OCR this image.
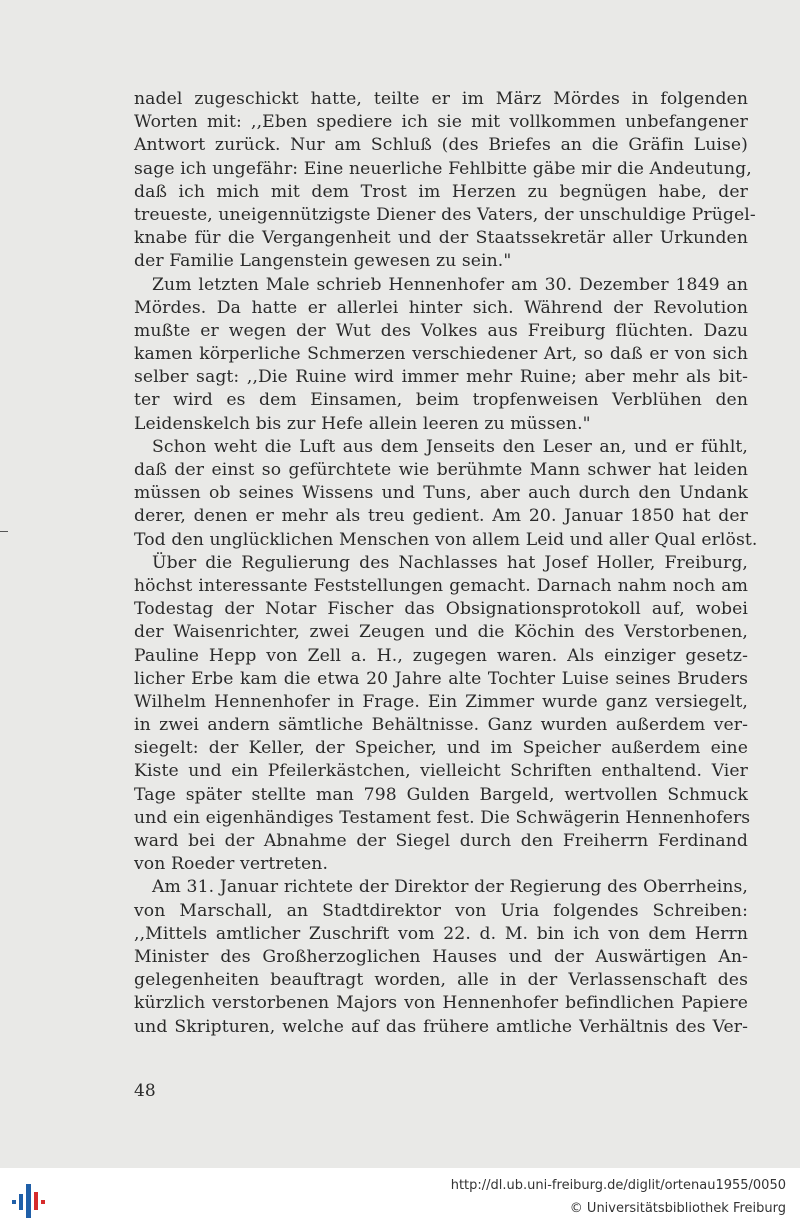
nadel zugeschickt hatte, teilte er im März Mördes in folgenden
Worten mit: ,,Eben spediere ich sie mit vollkommen unbefangener
Antwort zurück. Nur am Schluß (des Briefes an die Gräfin Luise)
sage ich ungefähr: Eine neuerliche Fehlbitte gäbe mir die Andeutung,
daß ich mich mit dem Trost im Herzen zu begnügen habe, der
treueste, uneigennützigste Diener des Vaters, der unschuldige Prügel-
knabe für die Vergangenheit und der Staatssekretär aller Urkunden
der Familie Langenstein gewesen zu sein."
Zum letzten Male schrieb Hennenhofer am 30. Dezember 1849 an
Mördes. Da hatte er allerlei hinter sich. Während der Revolution
mußte er wegen der Wut des Volkes aus Freiburg flüchten. Dazu
kamen körperliche Schmerzen verschiedener Art, so daß er von sich
selber sagt: ,,Die Ruine wird immer mehr Ruine; aber mehr als bit-
ter wird es dem Einsamen, beim tropfenweisen Verblühen den
Leidenskelch bis zur Hefe allein leeren zu müssen."
Schon weht die Luft aus dem Jenseits den Leser an, und er fühlt,
daß der einst so gefürchtete wie berühmte Mann schwer hat leiden
müssen ob seines Wissens und Tuns, aber auch durch den Undank
derer, denen er mehr als treu gedient. Am 20. Januar 1850 hat der
Tod den unglücklichen Menschen von allem Leid und aller Qual erlöst.
Über die Regulierung des Nachlasses hat Josef Holler, Freiburg,
höchst interessante Feststellungen gemacht. Darnach nahm noch am
Todestag der Notar Fischer das Obsignationsprotokoll auf, wobei
der Waisenrichter, zwei Zeugen und die Köchin des Verstorbenen,
Pauline Hepp von Zell a. H., zugegen waren. Als einziger gesetz-
licher Erbe kam die etwa 20 Jahre alte Tochter Luise seines Bruders
Wilhelm Hennenhofer in Frage. Ein Zimmer wurde ganz versiegelt,
in zwei andern sämtliche Behältnisse. Ganz wurden außerdem ver-
siegelt: der Keller, der Speicher, und im Speicher außerdem eine
Kiste und ein Pfeilerkästchen, vielleicht Schriften enthaltend. Vier
Tage später stellte man 798 Gulden Bargeld, wertvollen Schmuck
und ein eigenhändiges Testament fest. Die Schwägerin Hennenhofers
ward bei der Abnahme der Siegel durch den Freiherrn Ferdinand
von Roeder vertreten.
Am 31. Januar richtete der Direktor der Regierung des Oberrheins,
von Marschall, an Stadtdirektor von Uria folgendes Schreiben:
,,Mittels amtlicher Zuschrift vom 22. d. M. bin ich von dem Herrn
Minister des Großherzoglichen Hauses und der Auswärtigen An-
gelegenheiten beauftragt worden, alle in der Verlassenschaft des
kürzlich verstorbenen Majors von Hennenhofer befindlichen Papiere
und Skripturen, welche auf das frühere amtliche Verhältnis des Ver-
48
http://dl.ub.uni-freiburg.de/diglit/ortenau1955/0050
© Universitätsbibliothek Freiburg
